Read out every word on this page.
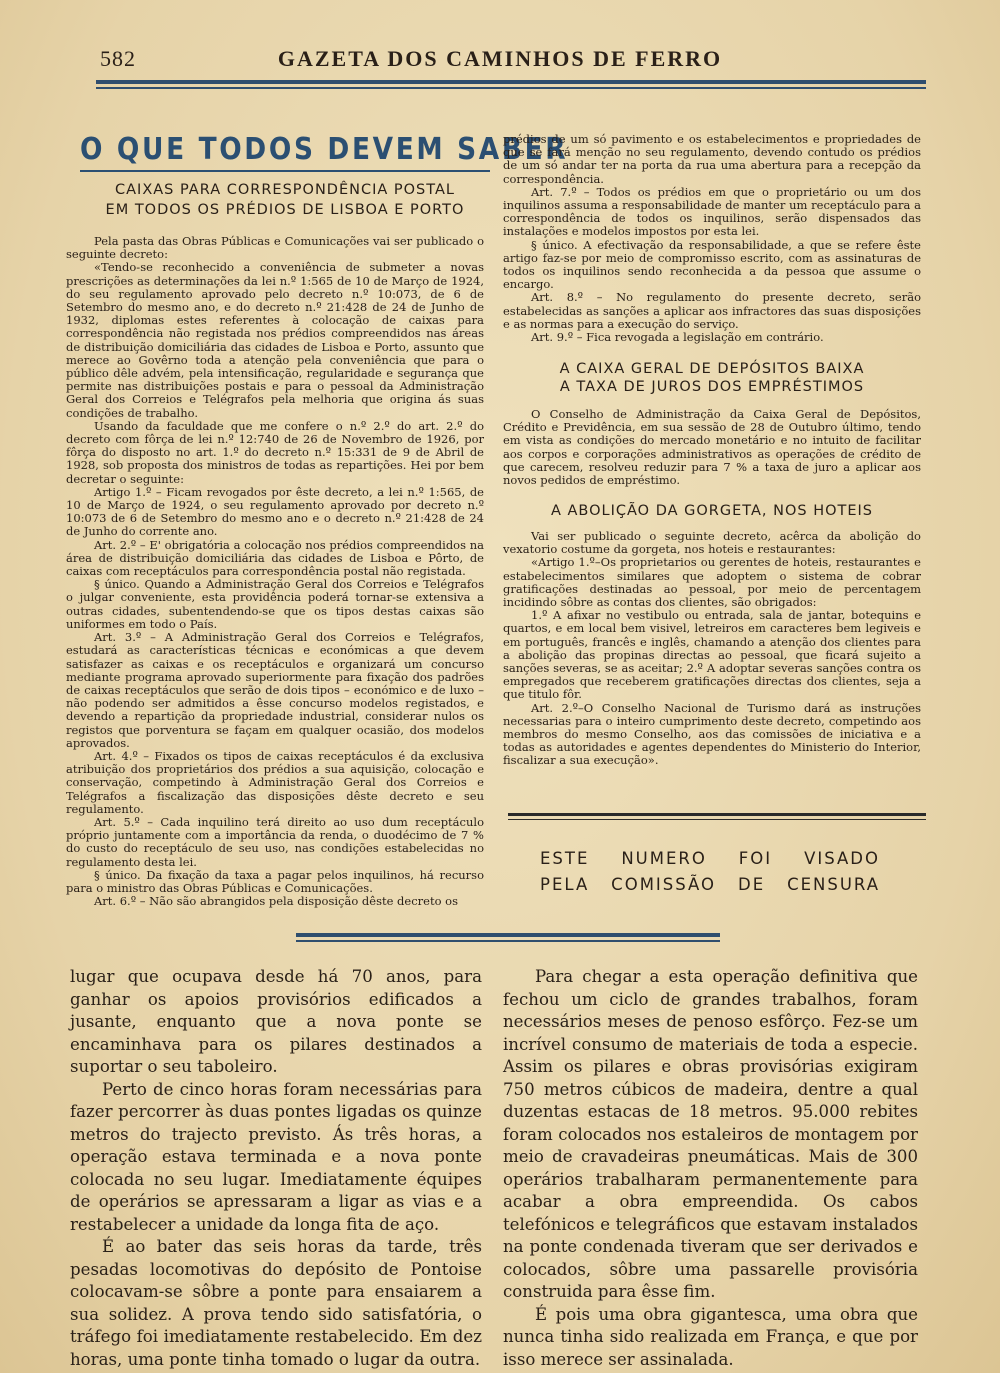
582	GAZETA DOS CAMINHOS DE FERRO
O QUE TODOS DEVEM SABER
CAIXAS PARA CORRESPONDÊNCIA POSTAL
EM TODOS OS PRÉDIOS DE LISBOA E PORTO

Pela pasta das Obras Públicas e Comunicações vai ser publicado o seguinte decreto:

«Tendo-se reconhecido a conveniência de submeter a novas prescrições as determinações da lei n.º 1:565 de 10 de Março de 1924, do seu regulamento aprovado pelo decreto n.º 10:073, de 6 de Setembro do mesmo ano, e do decreto n.º 21:428 de 24 de Junho de 1932, diplomas estes referentes à colocação de caixas para correspondência não registada nos prédios compreendidos nas áreas de distribuição domiciliária das cidades de Lisboa e Porto, assunto que merece ao Govêrno toda a atenção pela conveniência que para o público dêle advém, pela intensificação, regularidade e segurança que permite nas distribuições postais e para o pessoal da Administração Geral dos Correios e Telégrafos pela melhoria que origina ás suas condições de trabalho.

Usando da faculdade que me confere o n.º 2.º do art. 2.º do decreto com fôrça de lei n.º 12:740 de 26 de Novembro de 1926, por fôrça do disposto no art. 1.º do decreto n.º 15:331 de 9 de Abril de 1928, sob proposta dos ministros de todas as repartições. Hei por bem decretar o seguinte:

Artigo 1.º – Ficam revogados por êste decreto, a lei n.º 1:565, de 10 de Março de 1924, o seu regulamento aprovado por decreto n.º 10:073 de 6 de Setembro do mesmo ano e o decreto n.º 21:428 de 24 de Junho do corrente ano.

Art. 2.º – E' obrigatória a colocação nos prédios compreendidos na área de distribuição domiciliária das cidades de Lisboa e Pôrto, de caixas com receptáculos para correspondência postal não registada.

§ único. Quando a Administração Geral dos Correios e Telégrafos o julgar conveniente, esta providência poderá tornar-se extensiva a outras cidades, subentendendo-se que os tipos destas caixas são uniformes em todo o País.

Art. 3.º – A Administração Geral dos Correios e Telégrafos, estudará as características técnicas e económicas a que devem satisfazer as caixas e os receptáculos e organizará um concurso mediante programa aprovado superiormente para fixação dos padrões de caixas receptáculos que serão de dois tipos – económico e de luxo – não podendo ser admitidos a êsse concurso modelos registados, e devendo a repartição da propriedade industrial, considerar nulos os registos que porventura se façam em qualquer ocasião, dos modelos aprovados.

Art. 4.º – Fixados os tipos de caixas receptáculos é da exclusiva atribuição dos proprietários dos prédios a sua aquisição, colocação e conservação, competindo à Administração Geral dos Correios e Telégrafos a fiscalização das disposições dêste decreto e seu regulamento.

Art. 5.º – Cada inquilino terá direito ao uso dum receptáculo próprio juntamente com a importância da renda, o duodécimo de 7 % do custo do receptáculo de seu uso, nas condições estabelecidas no regulamento desta lei.

§ único. Da fixação da taxa a pagar pelos inquilinos, há recurso para o ministro das Obras Públicas e Comunicações.

Art. 6.º – Não são abrangidos pela disposição dêste decreto os

prédios de um só pavimento e os estabelecimentos e propriedades de que se fará menção no seu regulamento, devendo contudo os prédios de um só andar ter na porta da rua uma abertura para a recepção da correspondência.

Art. 7.º – Todos os prédios em que o proprietário ou um dos inquilinos assuma a responsabilidade de manter um receptáculo para a correspondência de todos os inquilinos, serão dispensados das instalações e modelos impostos por esta lei.

§ único. A efectivação da responsabilidade, a que se refere êste artigo faz-se por meio de compromisso escrito, com as assinaturas de todos os inquilinos sendo reconhecida a da pessoa que assume o encargo.

Art. 8.º – No regulamento do presente decreto, serão estabelecidas as sanções a aplicar aos infractores das suas disposições e as normas para a execução do serviço.

Art. 9.º – Fica revogada a legislação em contrário.

A CAIXA GERAL DE DEPÓSITOS BAIXA
A TAXA DE JUROS DOS EMPRÉSTIMOS

O Conselho de Administração da Caixa Geral de Depósitos, Crédito e Previdência, em sua sessão de 28 de Outubro último, tendo em vista as condições do mercado monetário e no intuito de facilitar aos corpos e corporações administrativos as operações de crédito de que carecem, resolveu reduzir para 7 % a taxa de juro a aplicar aos novos pedidos de empréstimo.

A ABOLIÇÃO DA GORGETA, NOS HOTEIS

Vai ser publicado o seguinte decreto, acêrca da abolição do vexatorio costume da gorgeta, nos hoteis e restaurantes:

«Artigo 1.º–Os proprietarios ou gerentes de hoteis, restaurantes e estabelecimentos similares que adoptem o sistema de cobrar gratificações destinadas ao pessoal, por meio de percentagem incidindo sôbre as contas dos clientes, são obrigados:

1.º A afixar no vestibulo ou entrada, sala de jantar, botequins e quartos, e em local bem visivel, letreiros em caracteres bem legiveis e em português, francês e inglês, chamando a atenção dos clientes para a abolição das propinas directas ao pessoal, que ficará sujeito a sanções severas, se as aceitar; 2.º A adoptar severas sanções contra os empregados que receberem gratificações directas dos clientes, seja a que titulo fôr.

Art. 2.º–O Conselho Nacional de Turismo dará as instruções necessarias para o inteiro cumprimento deste decreto, competindo aos membros do mesmo Conselho, aos das comissões de iniciativa e a todas as autoridades e agentes dependentes do Ministerio do Interior, fiscalizar a sua execução».

ESTE NUMERO FOI VISADO
PELA COMISSÃO DE CENSURA

lugar que ocupava desde há 70 anos, para ganhar os apoios provisórios edificados a jusante, enquanto que a nova ponte se encaminhava para os pilares destinados a suportar o seu taboleiro.

Perto de cinco horas foram necessárias para fazer percorrer às duas pontes ligadas os quinze metros do trajecto previsto. Ás três horas, a operação estava terminada e a nova ponte colocada no seu lugar. Imediatamente équipes de operários se apressaram a ligar as vias e a restabelecer a unidade da longa fita de aço.

É ao bater das seis horas da tarde, três pesadas locomotivas do depósito de Pontoise colocavam-se sôbre a ponte para ensaiarem a sua solidez. A prova tendo sido satisfatória, o tráfego foi imediatamente restabelecido. Em dez horas, uma ponte tinha tomado o lugar da outra.

Para chegar a esta operação definitiva que fechou um ciclo de grandes trabalhos, foram necessários meses de penoso esfôrço. Fez-se um incrível consumo de materiais de toda a especie. Assim os pilares e obras provisórias exigiram 750 metros cúbicos de madeira, dentre a qual duzentas estacas de 18 metros. 95.000 rebites foram colocados nos estaleiros de montagem por meio de cravadeiras pneumáticas. Mais de 300 operários trabalharam permanentemente para acabar a obra empreendida. Os cabos telefónicos e telegráficos que estavam instalados na ponte condenada tiveram que ser derivados e colocados, sôbre uma passarelle provisória construida para êsse fim.

É pois uma obra gigantesca, uma obra que nunca tinha sido realizada em França, e que por isso merece ser assinalada.
